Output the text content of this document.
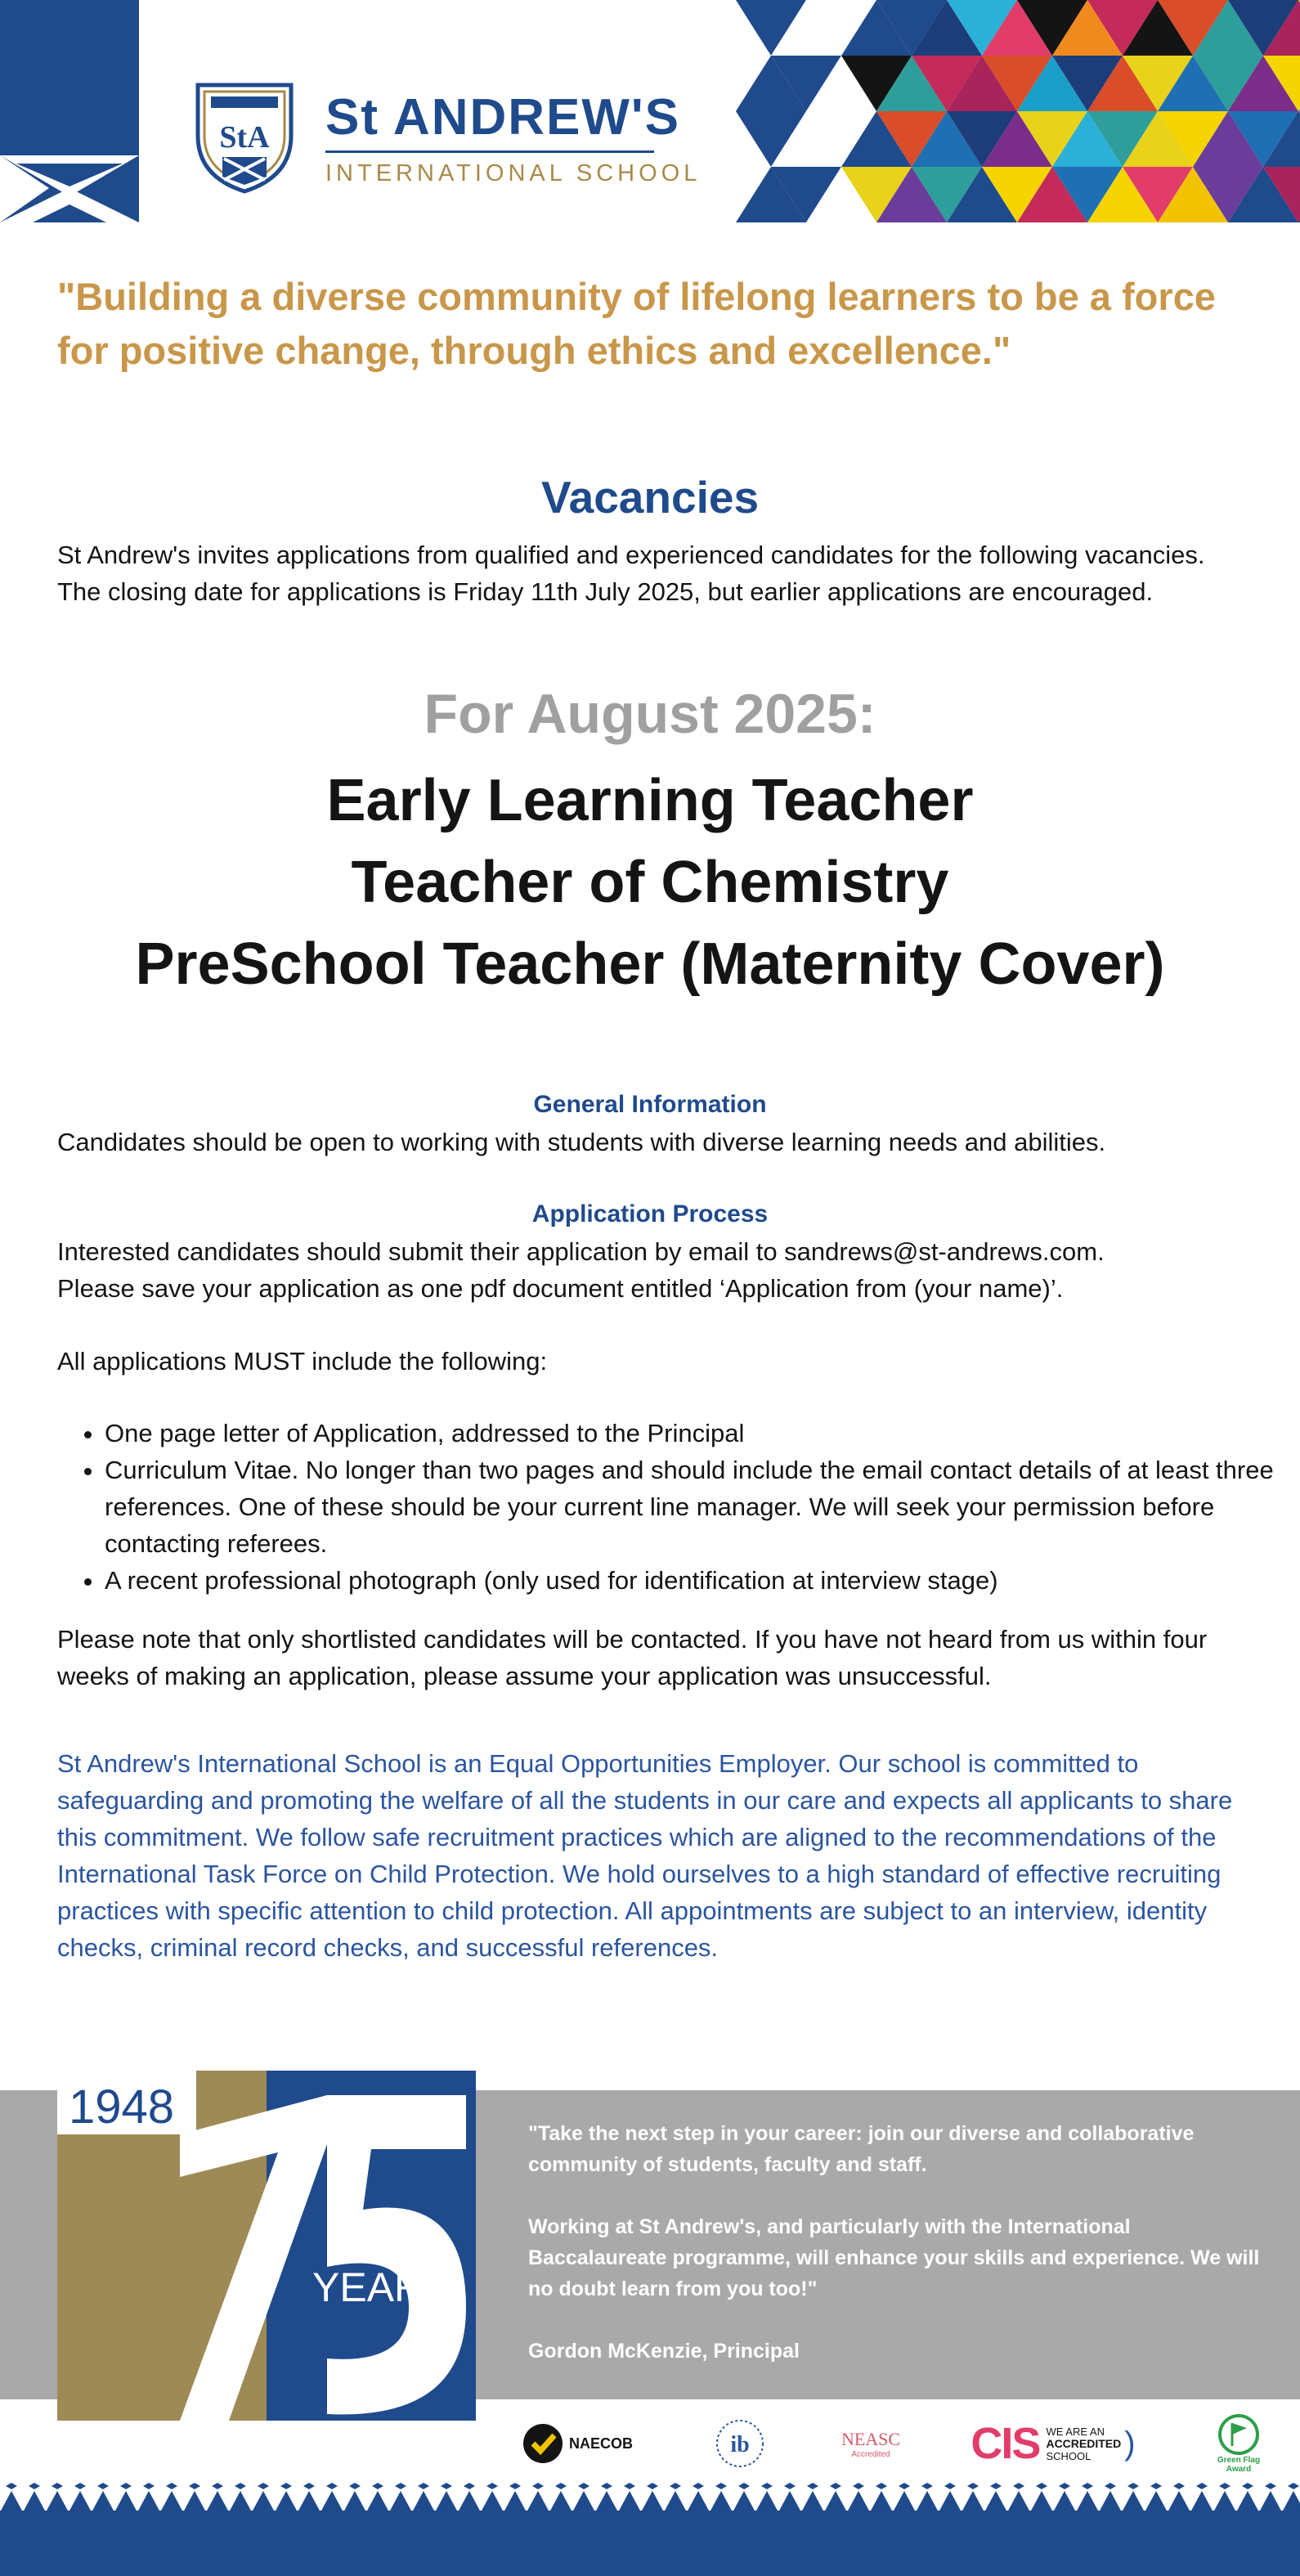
StA St ANDREW'S
INTERNATIONAL SCHOOL
"Building a diverse community of lifelong learners to be a force for positive change, through ethics and excellence."
Vacancies
St Andrew's invites applications from qualified and experienced candidates for the following vacancies. The closing date for applications is Friday 11th July 2025, but earlier applications are encouraged.
For August 2025:
Early Learning Teacher
Teacher of Chemistry
PreSchool Teacher (Maternity Cover)
General Information
Candidates should be open to working with students with diverse learning needs and abilities.
Application Process
Interested candidates should submit their application by email to sandrews@st-andrews.com.
Please save your application as one pdf document entitled ‘Application from (your name)’.
All applications MUST include the following:
• One page letter of Application, addressed to the Principal
• Curriculum Vitae. No longer than two pages and should include the email contact details of at least three references. One of these should be your current line manager. We will seek your permission before contacting referees.
• A recent professional photograph (only used for identification at interview stage)
Please note that only shortlisted candidates will be contacted. If you have not heard from us within four weeks of making an application, please assume your application was unsuccessful.
St Andrew's International School is an Equal Opportunities Employer. Our school is committed to safeguarding and promoting the welfare of all the students in our care and expects all applicants to share this commitment. We follow safe recruitment practices which are aligned to the recommendations of the International Task Force on Child Protection. We hold ourselves to a high standard of effective recruiting practices with specific attention to child protection. All appointments are subject to an interview, identity checks, criminal record checks, and successful references.
1948
YEARS

"Take the next step in your career: join our diverse and collaborative community of students, faculty and staff.

Working at St Andrew's, and particularly with the International Baccalaureate programme, will enhance your skills and experience. We will no doubt learn from you too!"

Gordon McKenzie, Principal

NAECOB	ib	NEASC
Accredited CIS WE ARE AN
ACCREDITED
SCHOOL	)	Green Flag Award
